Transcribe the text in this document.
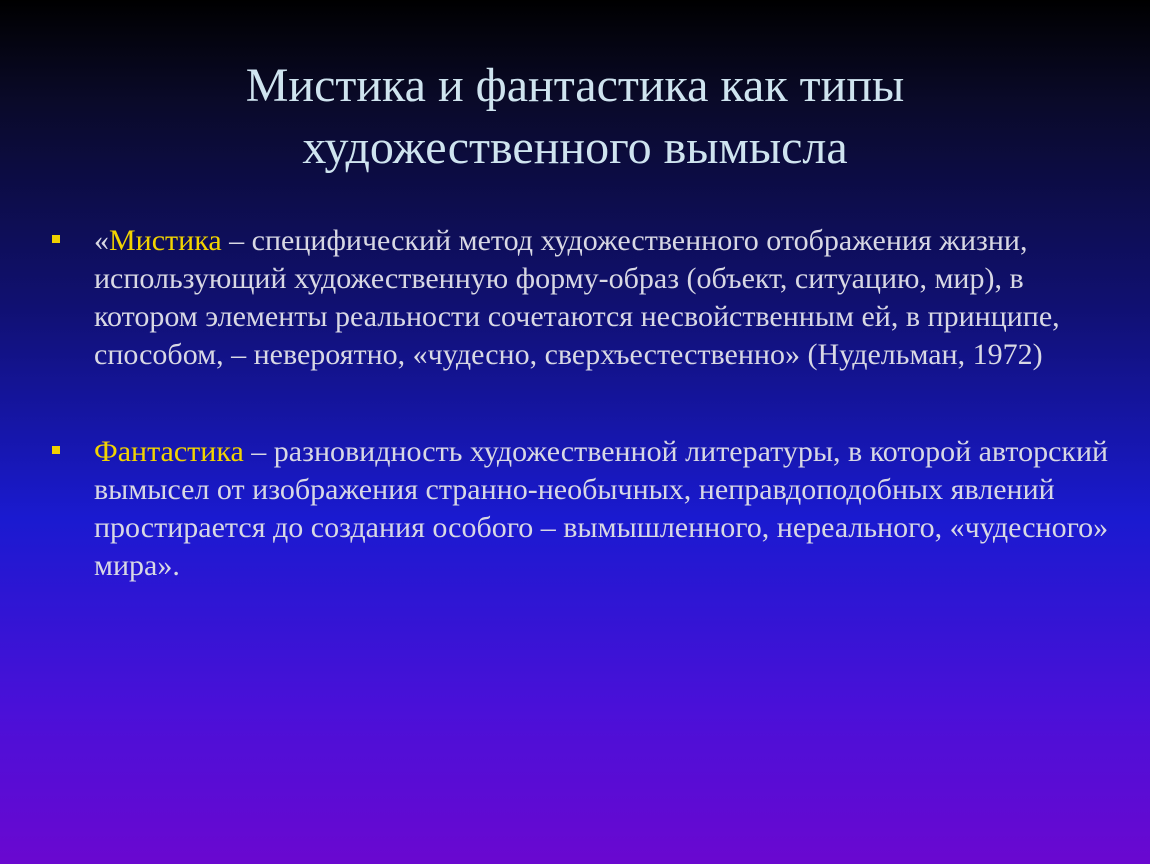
Мистика и фантастика как типы
художественного вымысла
«Мистика – специфический метод художественного отображения жизни, использующий художественную форму-образ (объект, ситуацию, мир), в котором элементы реальности сочетаются несвойственным ей, в принципе, способом, – невероятно, «чудесно, сверхъестественно» (Нудельман, 1972)
Фантастика – разновидность художественной литературы, в которой авторский вымысел от изображения странно-необычных, неправдоподобных явлений простирается до создания особого – вымышленного, нереального, «чудесного» мира».
